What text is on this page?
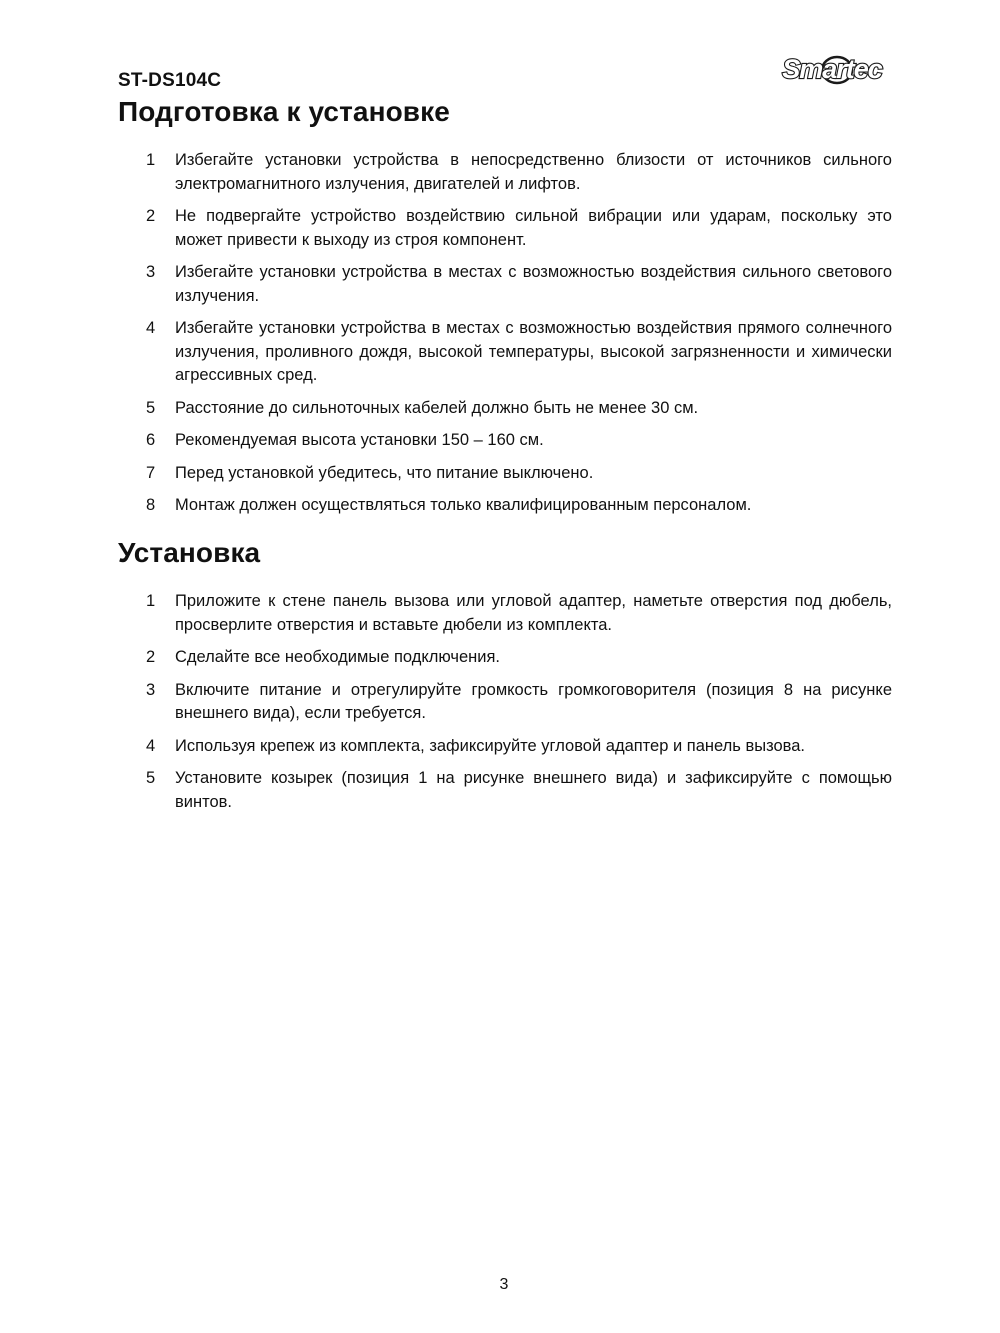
ST-DS104C	Smartec
Подготовка к установке
1	Избегайте установки устройства в непосредственно близости от источников сильного электромагнитного излучения, двигателей и лифтов.
2	Не подвергайте устройство воздействию сильной вибрации или ударам, поскольку это может привести к выходу из строя компонент.
3	Избегайте установки устройства в местах с возможностью воздействия сильного светового излучения.
4	Избегайте установки устройства в местах с возможностью воздействия прямого солнечного излучения, проливного дождя, высокой температуры, высокой загрязненности и химически агрессивных сред.
5	Расстояние до сильноточных кабелей должно быть не менее 30 см.
6	Рекомендуемая высота установки 150 – 160 см.
7	Перед установкой убедитесь, что питание выключено.
8	Монтаж должен осуществляться только квалифицированным персоналом.
Установка
1	Приложите к стене панель вызова или угловой адаптер, наметьте отверстия под дюбель, просверлите отверстия и вставьте дюбели из комплекта.
2	Сделайте все необходимые подключения.
3	Включите питание и отрегулируйте громкость громкоговорителя (позиция 8 на рисунке внешнего вида), если требуется.
4	Используя крепеж из комплекта, зафиксируйте угловой адаптер и панель вызова.
5	Установите козырек (позиция 1 на рисунке внешнего вида) и зафиксируйте с помощью винтов.
3
